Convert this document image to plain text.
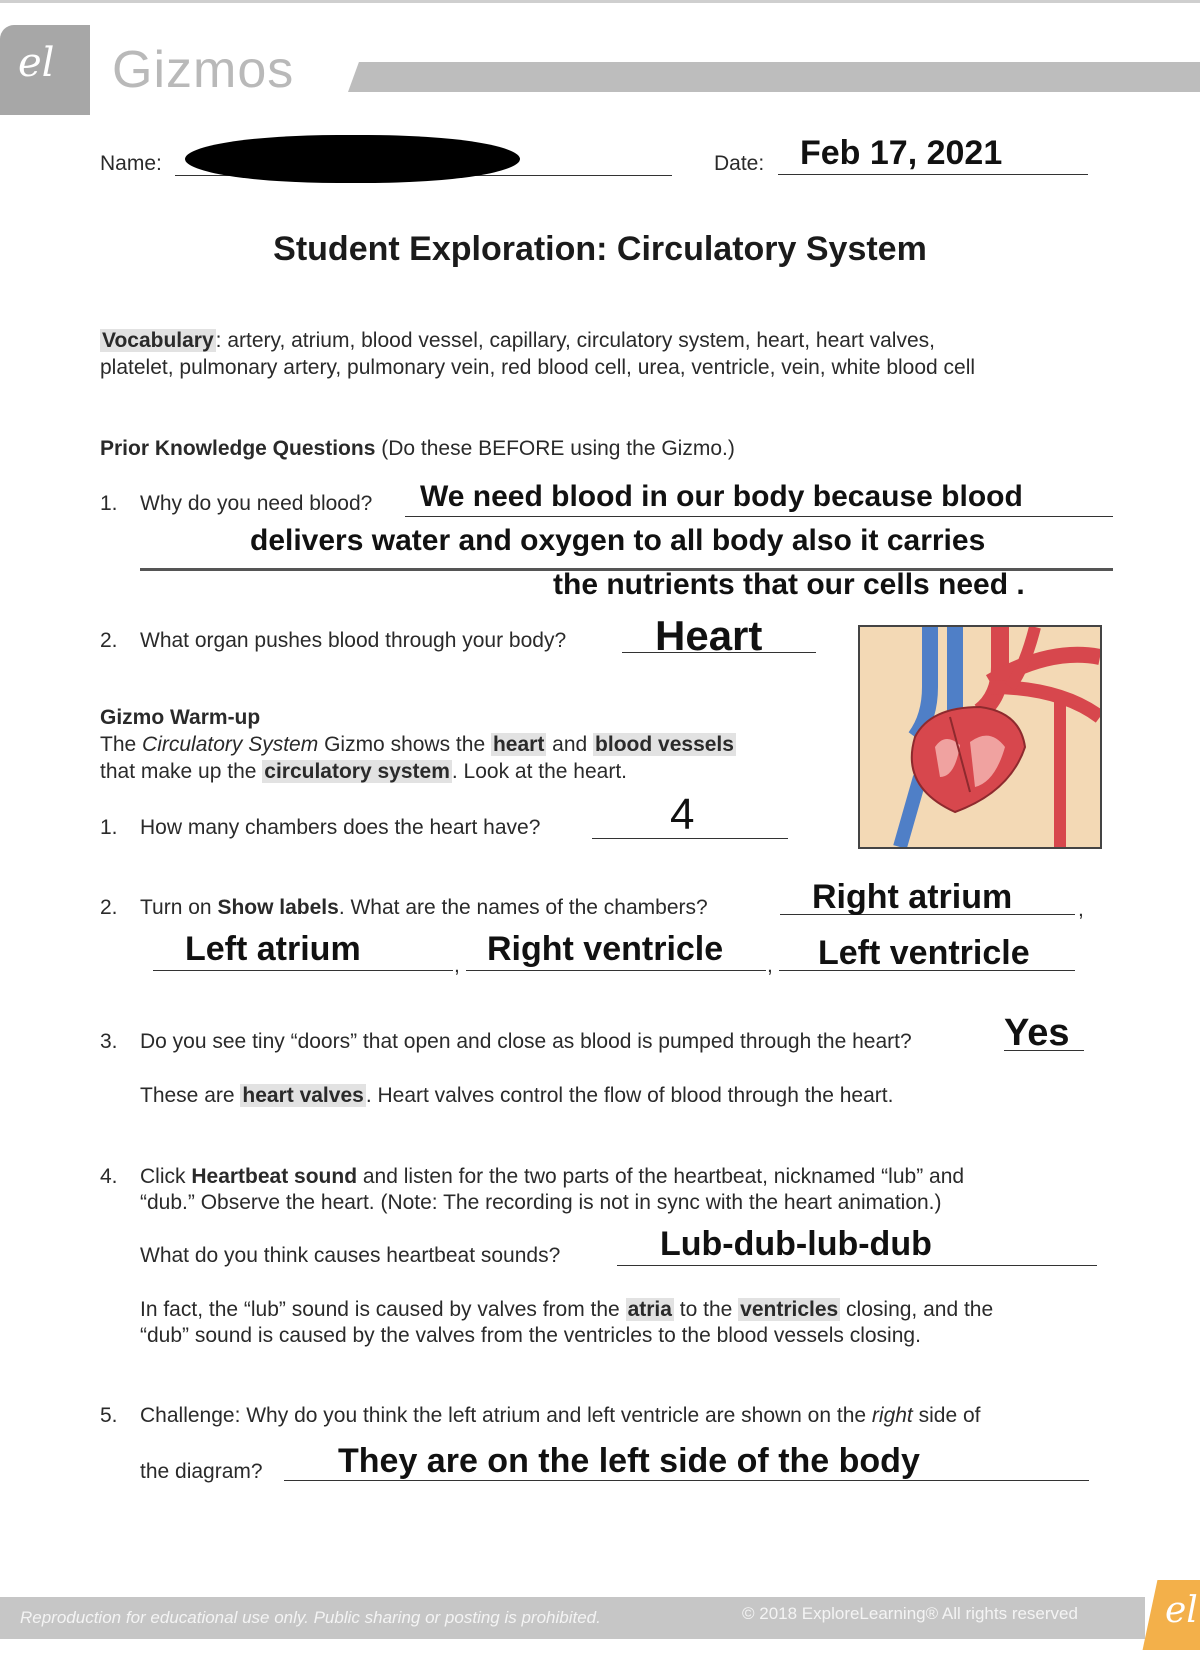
el Gizmos
Name:	Date: Feb 17, 2021
Student Exploration: Circulatory System
Vocabulary: artery, atrium, blood vessel, capillary, circulatory system, heart, heart valves,
platelet, pulmonary artery, pulmonary vein, red blood cell, urea, ventricle, vein, white blood cell
Prior Knowledge Questions (Do these BEFORE using the Gizmo.)
1. Why do you need blood? We need blood in our body because blood
delivers water and oxygen to all body also it carries
the nutrients that our cells need .
2. What organ pushes blood through your body? Heart
Gizmo Warm-up
The Circulatory System Gizmo shows the heart and blood vessels
that make up the circulatory system. Look at the heart.
1. How many chambers does the heart have?	4
2. Turn on Show labels. What are the names of the chambers?	Right atrium	,
Left atrium	, Right ventricle , Left ventricle
3. Do you see tiny “doors” that open and close as blood is pumped through the heart? Yes
These are heart valves. Heart valves control the flow of blood through the heart.
4. Click Heartbeat sound and listen for the two parts of the heartbeat, nicknamed “lub” and
“dub.” Observe the heart. (Note: The recording is not in sync with the heart animation.)
What do you think causes heartbeat sounds?	Lub-dub-lub-dub
In fact, the “lub” sound is caused by valves from the atria to the ventricles closing, and the
“dub” sound is caused by the valves from the ventricles to the blood vessels closing.
5. Challenge: Why do you think the left atrium and left ventricle are shown on the right side of
the diagram? They are on the left side of the body
Reproduction for educational use only. Public sharing or posting is prohibited.	© 2018 ExploreLearning® All rights reserved el
